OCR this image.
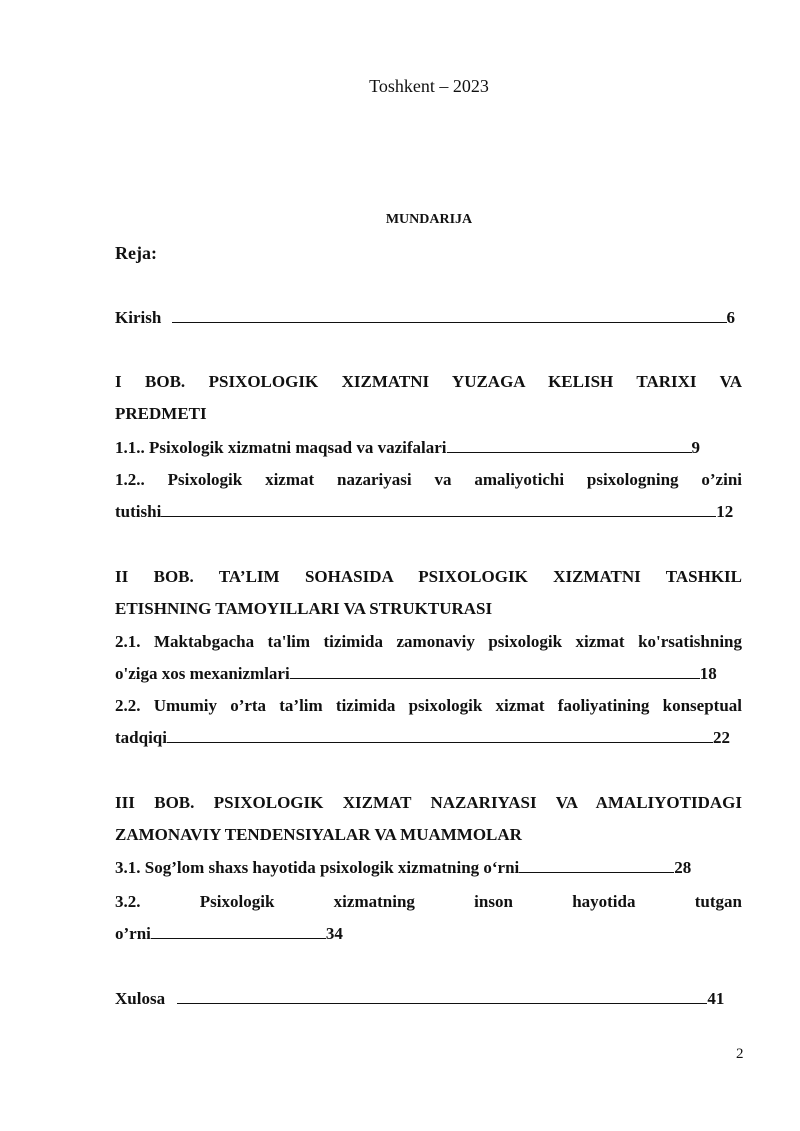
Toshkent – 2023
MUNDARIJA
Reja:
Kirish	6
I BOB. PSIXOLOGIK XIZMATNI YUZAGA KELISH TARIXI VA
PREDMETI
1.1.. Psixologik xizmatni maqsad va vazifalari	9
1.2.. Psixologik xizmat nazariyasi va amaliyotichi psixologning o’zini
tutishi	12
II BOB. TA’LIM SOHASIDA PSIXOLOGIK XIZMATNI TASHKIL
ETISHNING TAMOYILLARI VA STRUKTURASI
2.1. Maktabgacha ta'lim tizimida zamonaviy psixologik xizmat ko'rsatishning
o'ziga xos mexanizmlari	18
2.2. Umumiy o’rta ta’lim tizimida psixologik xizmat faoliyatining konseptual
tadqiqi	22
III BOB. PSIXOLOGIK XIZMAT NAZARIYASI VA AMALIYOTIDAGI
ZAMONAVIY TENDENSIYALAR VA MUAMMOLAR
3.1. Sog’lom shaxs hayotida psixologik xizmatning o‘rni	28
3.2. Psixologik xizmatning inson hayotida tutgan
o’rni	34
Xulosa	41
2
